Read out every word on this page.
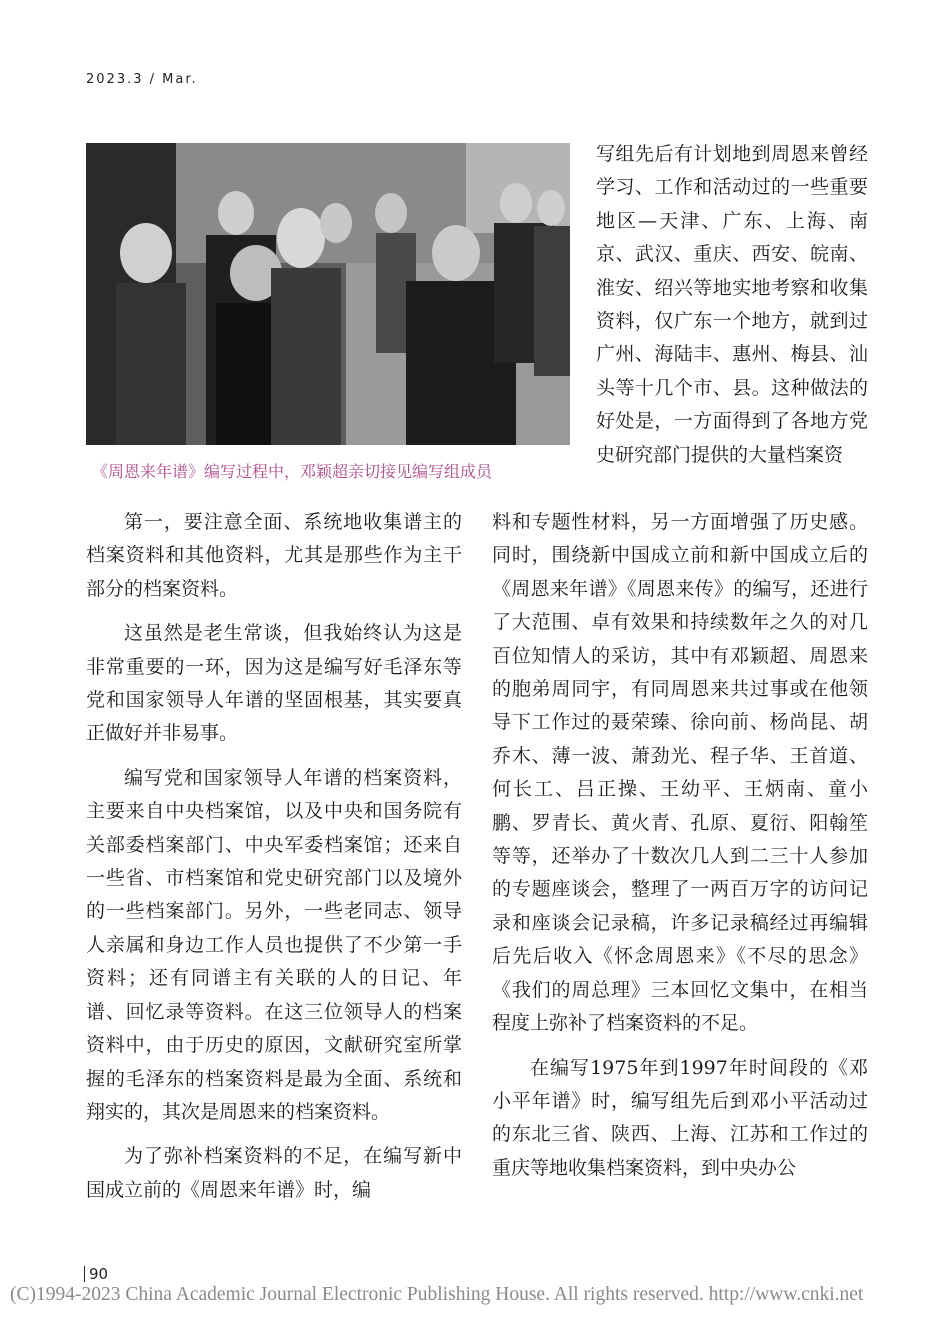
2023.3 / Mar.
《周恩来年谱》编写过程中，邓颖超亲切接见编写组成员

写组先后有计划地到周恩来曾经学习、工作和活动过的一些重要地区—天津、广东、上海、南京、武汉、重庆、西安、皖南、淮安、绍兴等地实地考察和收集资料，仅广东一个地方，就到过广州、海陆丰、惠州、梅县、汕头等十几个市、县。这种做法的好处是，一方面得到了各地方党史研究部门提供的大量档案资

料和专题性材料，另一方面增强了历史感。同时，围绕新中国成立前和新中国成立后的《周恩来年谱》《周恩来传》的编写，还进行了大范围、卓有效果和持续数年之久的对几百位知情人的采访，其中有邓颖超、周恩来的胞弟周同宇，有同周恩来共过事或在他领导下工作过的聂荣臻、徐向前、杨尚昆、胡乔木、薄一波、萧劲光、程子华、王首道、何长工、吕正操、王幼平、王炳南、童小鹏、罗青长、黄火青、孔原、夏衍、阳翰笙等等，还举办了十数次几人到二三十人参加的专题座谈会，整理了一两百万字的访问记录和座谈会记录稿，许多记录稿经过再编辑后先后收入《怀念周恩来》《不尽的思念》《我们的周总理》三本回忆文集中，在相当程度上弥补了档案资料的不足。

在编写1975年到1997年时间段的《邓小平年谱》时，编写组先后到邓小平活动过的东北三省、陕西、上海、江苏和工作过的重庆等地收集档案资料，到中央办公

第一，要注意全面、系统地收集谱主的档案资料和其他资料，尤其是那些作为主干部分的档案资料。

这虽然是老生常谈，但我始终认为这是非常重要的一环，因为这是编写好毛泽东等党和国家领导人年谱的坚固根基，其实要真正做好并非易事。

编写党和国家领导人年谱的档案资料，主要来自中央档案馆，以及中央和国务院有关部委档案部门、中央军委档案馆；还来自一些省、市档案馆和党史研究部门以及境外的一些档案部门。另外，一些老同志、领导人亲属和身边工作人员也提供了不少第一手资料；还有同谱主有关联的人的日记、年谱、回忆录等资料。在这三位领导人的档案资料中，由于历史的原因，文献研究室所掌握的毛泽东的档案资料是最为全面、系统和翔实的，其次是周恩来的档案资料。

为了弥补档案资料的不足，在编写新中国成立前的《周恩来年谱》时，编

90
(C)1994-2023 China Academic Journal Electronic Publishing House. All rights reserved. http://www.cnki.net
